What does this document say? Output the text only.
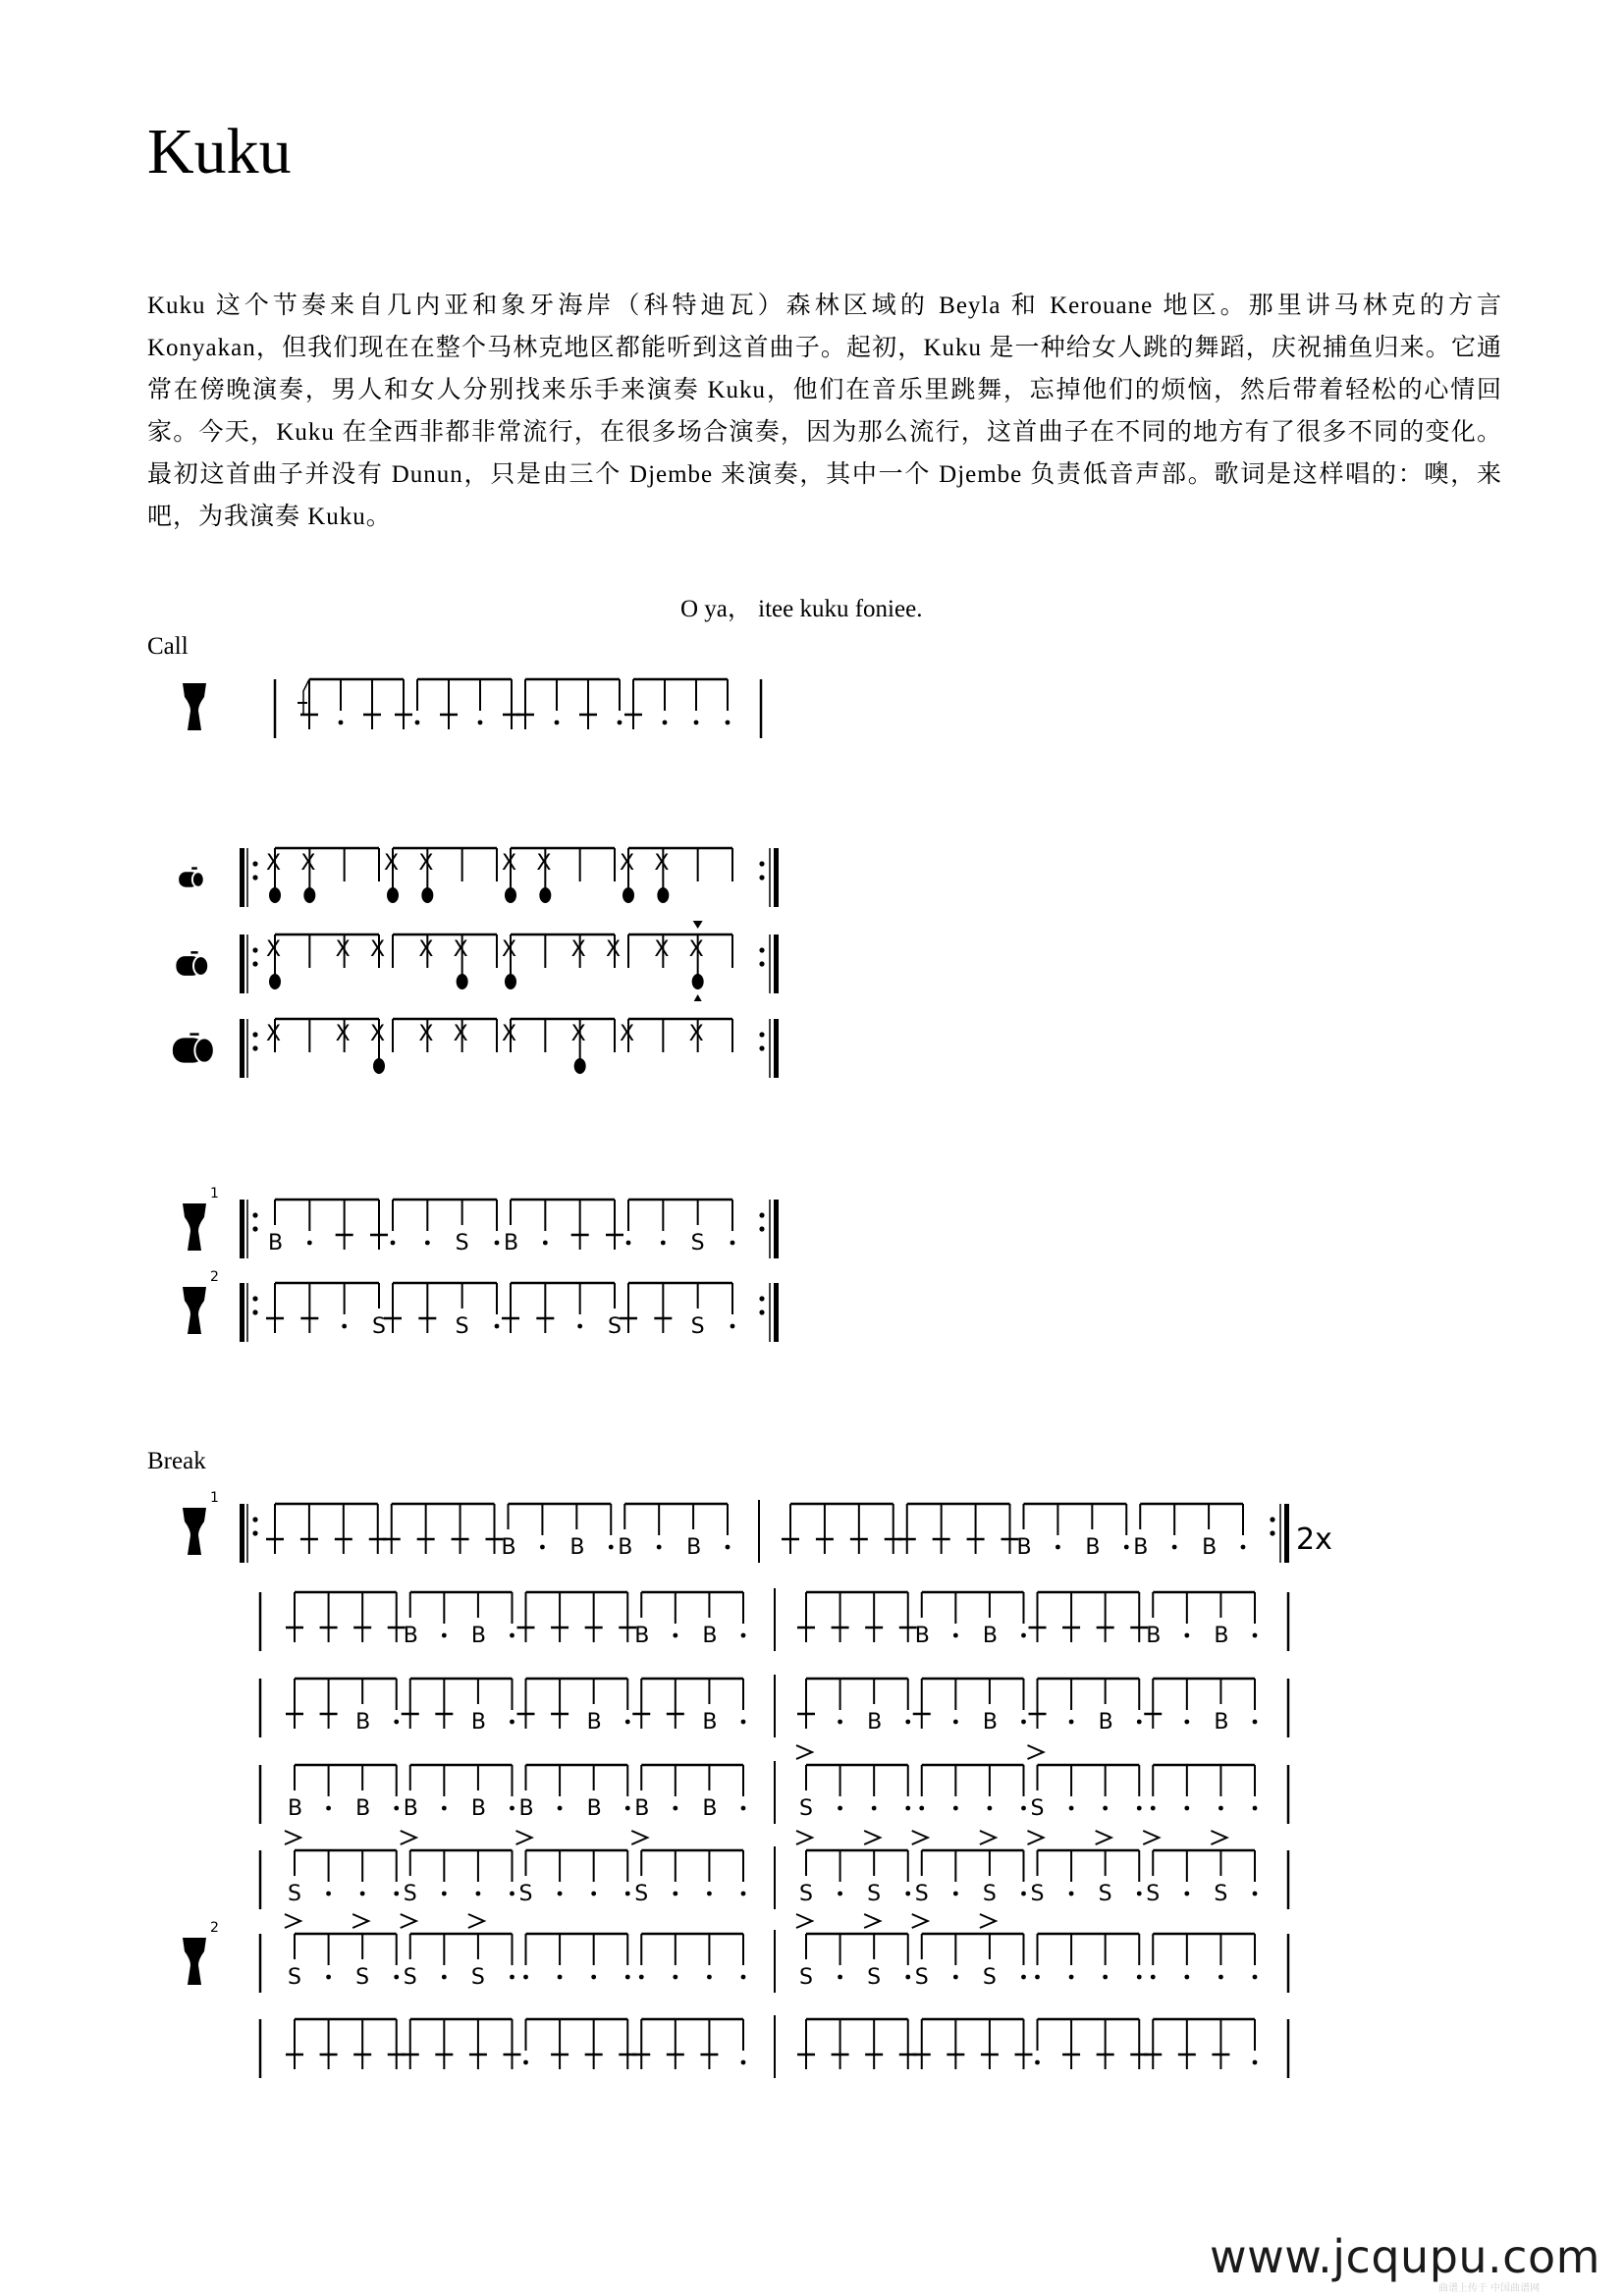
Kuku
Kuku 这个节奏来自几内亚和象牙海岸（科特迪瓦）森林区域的 Beyla 和 Kerouane 地区。那里讲马林克的方言 Konyakan，但我们现在在整个马林克地区都能听到这首曲子。起初，Kuku 是一种给女人跳的舞蹈，庆祝捕鱼归来。它通常在傍晚演奏，男人和女人分别找来乐手来演奏 Kuku，他们在音乐里跳舞，忘掉他们的烦恼，然后带着轻松的心情回家。今天，Kuku 在全西非都非常流行，在很多场合演奏，因为那么流行，这首曲子在不同的地方有了很多不同的变化。最初这首曲子并没有 Dunun，只是由三个 Djembe 来演奏，其中一个 Djembe 负责低音声部。歌词是这样唱的：噢，来吧，为我演奏 Kuku。
O ya， itee kuku foniee.
Call
Break
www.jcqupu.com
曲谱上传于 中国曲谱网
X X	X X	X X	X X
X	X X X X X	X X X X
X	X X X X X	X X	X
1
B	S B	S
2
S	S	S	S
1
B B B B	B B B B	2x
B B	B B	B B	B B
B	B	B	B	B	B	B	B
B B B B B B B B	S	S
S	S	S	S	S	S S	S S	S S	S
2
S	S S	S	S	S S	S
